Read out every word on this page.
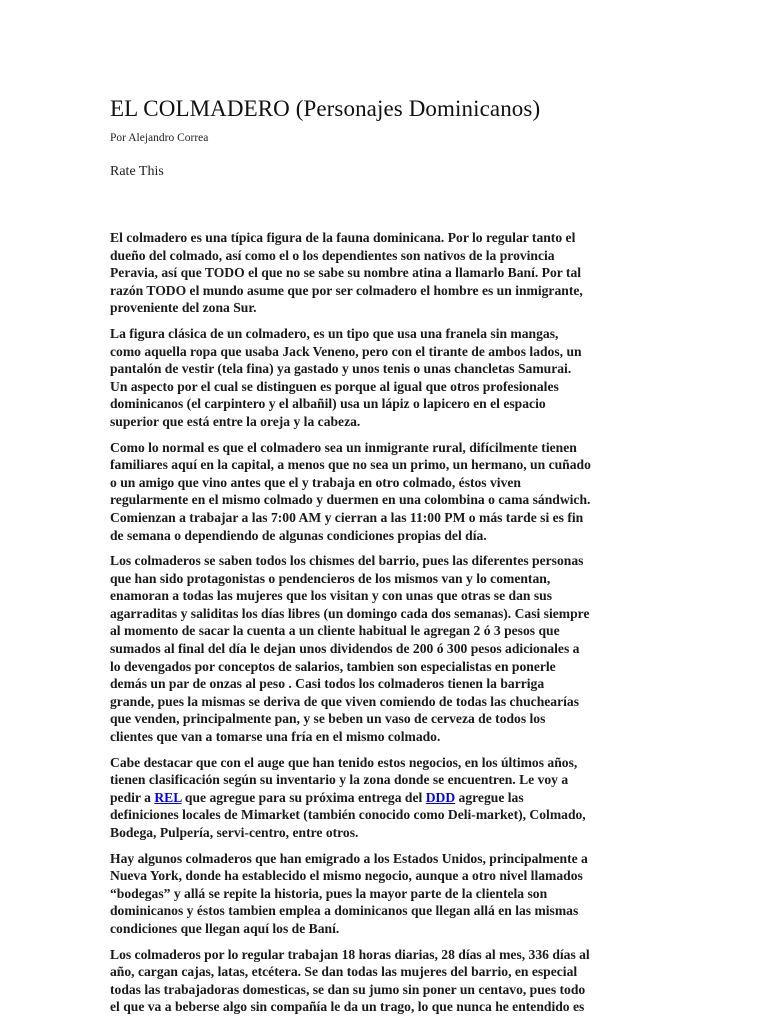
EL COLMADERO (Personajes Dominicanos)
Por Alejandro Correa
Rate This

El colmadero es una típica figura de la fauna dominicana. Por lo regular tanto el
dueño del colmado, así como el o los dependientes son nativos de la provincia
Peravia, así que TODO el que no se sabe su nombre atina a llamarlo Baní. Por tal
razón TODO el mundo asume que por ser colmadero el hombre es un inmigrante,
proveniente del zona Sur.

La figura clásica de un colmadero, es un tipo que usa una franela sin mangas,
como aquella ropa que usaba Jack Veneno, pero con el tirante de ambos lados, un
pantalón de vestir (tela fina) ya gastado y unos tenis o unas chancletas Samurai.
Un aspecto por el cual se distinguen es porque al igual que otros profesionales
dominicanos (el carpintero y el albañil) usa un lápiz o lapicero en el espacio
superior que está entre la oreja y la cabeza.

Como lo normal es que el colmadero sea un inmigrante rural, difícilmente tienen
familiares aquí en la capital, a menos que no sea un primo, un hermano, un cuñado
o un amigo que vino antes que el y trabaja en otro colmado, éstos viven
regularmente en el mismo colmado y duermen en una colombina o cama sándwich.
Comienzan a trabajar a las 7:00 AM y cierran a las 11:00 PM o más tarde si es fin
de semana o dependiendo de algunas condiciones propias del día.

Los colmaderos se saben todos los chismes del barrio, pues las diferentes personas
que han sido protagonistas o pendencieros de los mismos van y lo comentan,
enamoran a todas las mujeres que los visitan y con unas que otras se dan sus
agarraditas y saliditas los días libres (un domingo cada dos semanas). Casi siempre
al momento de sacar la cuenta a un cliente habitual le agregan 2 ó 3 pesos que
sumados al final del día le dejan unos dividendos de 200 ó 300 pesos adicionales a
lo devengados por conceptos de salarios, tambien son especialistas en ponerle
demás un par de onzas al peso . Casi todos los colmaderos tienen la barriga
grande, pues la mismas se deriva de que viven comiendo de todas las chuchearías
que venden, principalmente pan, y se beben un vaso de cerveza de todos los
clientes que van a tomarse una fría en el mismo colmado.

Cabe destacar que con el auge que han tenido estos negocios, en los últimos años,
tienen clasificación según su inventario y la zona donde se encuentren. Le voy a
pedir a REL que agregue para su próxima entrega del DDD agregue las
definiciones locales de Mimarket (también conocido como Deli-market), Colmado,
Bodega, Pulpería, servi-centro, entre otros.

Hay algunos colmaderos que han emigrado a los Estados Unidos, principalmente a
Nueva York, donde ha establecido el mismo negocio, aunque a otro nivel llamados
“bodegas” y allá se repite la historia, pues la mayor parte de la clientela son
dominicanos y éstos tambien emplea a dominicanos que llegan allá en las mismas
condiciones que llegan aquí los de Baní.

Los colmaderos por lo regular trabajan 18 horas diarias, 28 días al mes, 336 días al
año, cargan cajas, latas, etcétera. Se dan todas las mujeres del barrio, en especial
todas las trabajadoras domesticas, se dan su jumo sin poner un centavo, pues todo
el que va a beberse algo sin compañía le da un trago, lo que nunca he entendido es
